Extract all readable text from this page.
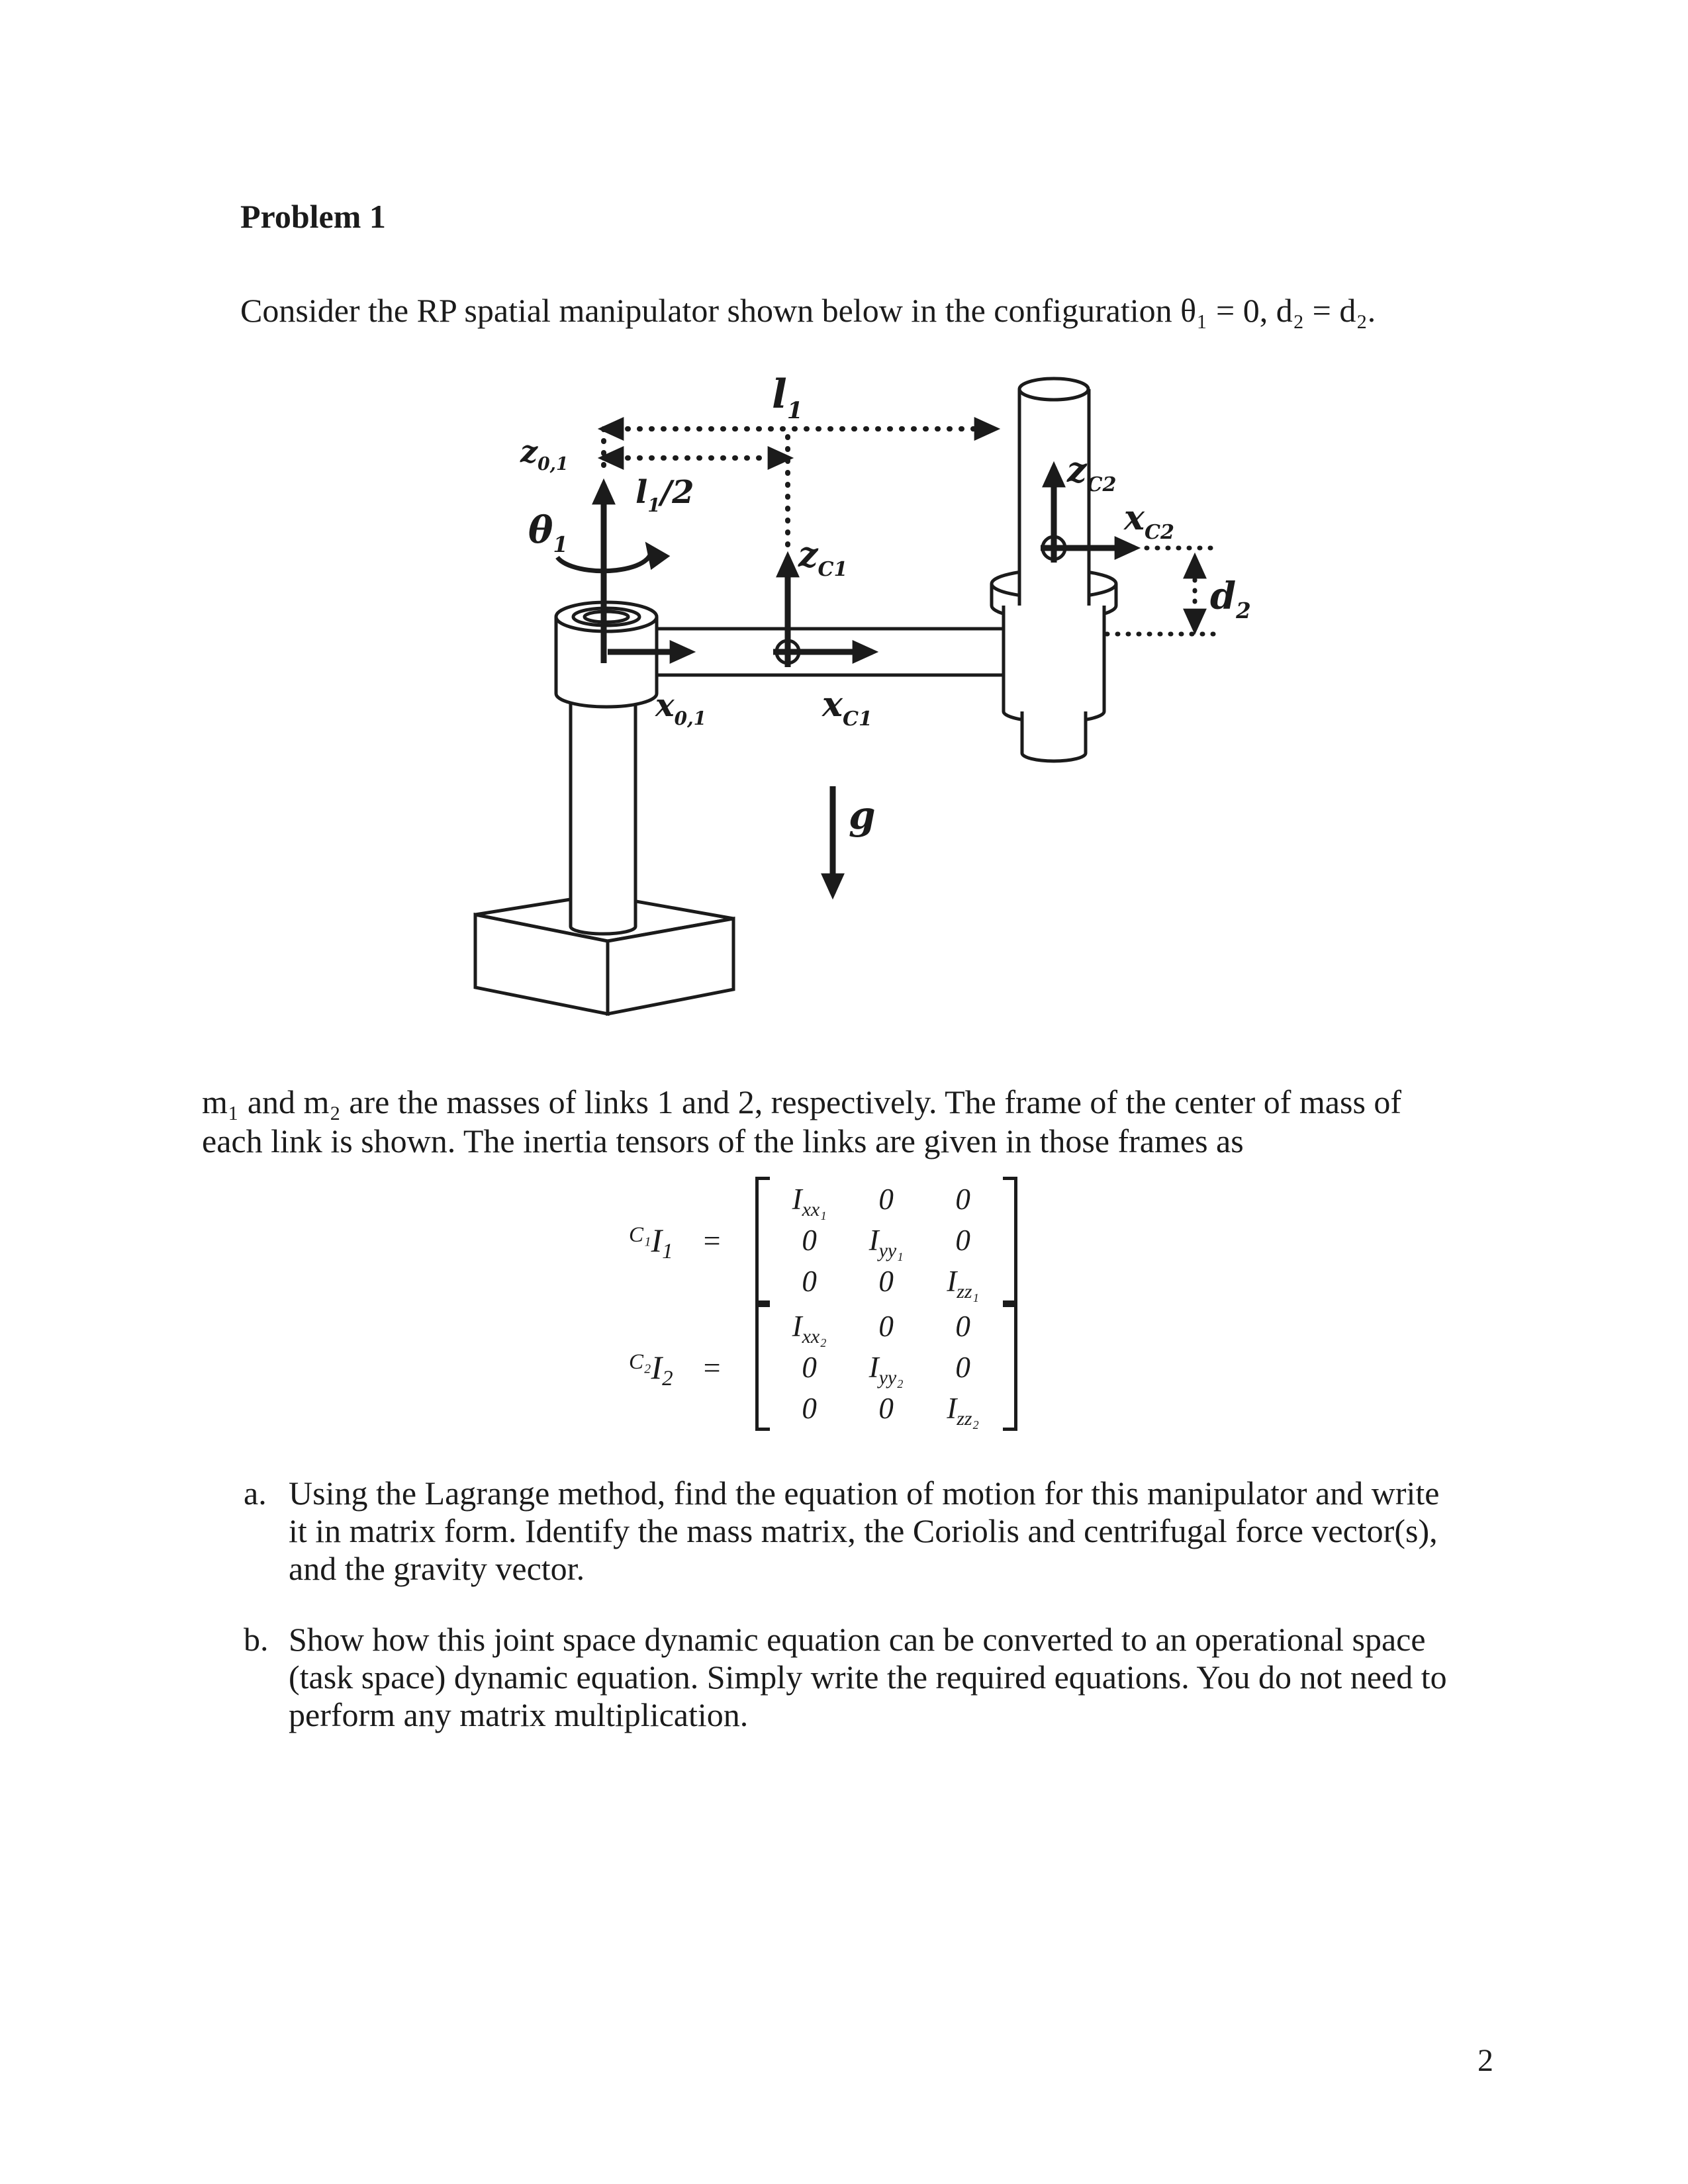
Problem 1
Consider the RP spatial manipulator shown below in the configuration θ₁ = 0, d₂ = d₂.
$z_{0,1}$
$\theta_1$
$l_1$
$l_1/2$
$z_{C1}$
$x_{C1}$
$x_{0,1}$
$z_{C2}$
$x_{C2}$
$d_2$
g
m₁ and m₂ are the masses of links 1 and 2, respectively. The frame of the center of mass of each link is shown. The inertia tensors of the links are given in those frames as
C₁ I 1 =
$I_{xx_1}$ 0 0
0 $I_{yy_1}$ 0
0 0 $I_{zz_1}$
C₂ I 2 =
$I_{xx_2}$ 0 0
0 $I_{yy_2}$ 0
0 0 $I_{zz_2}$
a. Using the Lagrange method, find the equation of motion for this manipulator and write it in matrix form. Identify the mass matrix, the Coriolis and centrifugal force vector(s), and the gravity vector.
b. Show how this joint space dynamic equation can be converted to an operational space (task space) dynamic equation. Simply write the required equations. You do not need to perform any matrix multiplication.
2
